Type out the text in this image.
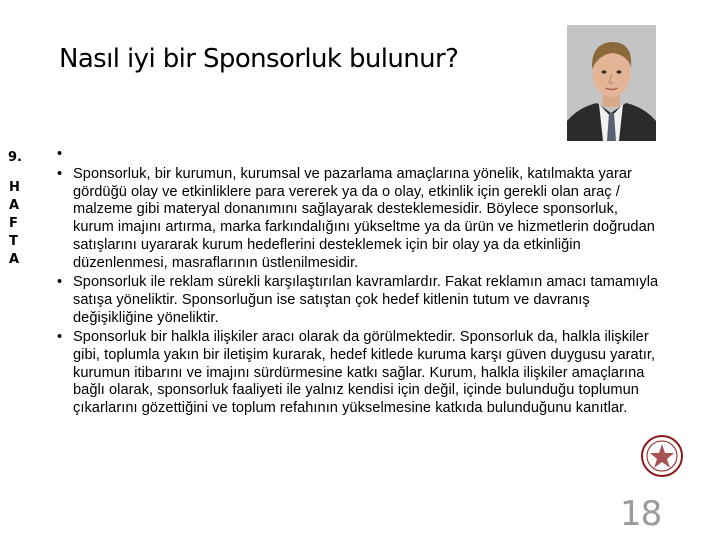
Nasıl iyi bir Sponsorluk bulunur?
9.
H
A
F
T
A
•
• Sponsorluk, bir kurumun, kurumsal ve pazarlama amaçlarına yönelik, katılmakta yarar gördüğü olay ve etkinliklere para vererek ya da o olay, etkinlik için gerekli olan araç / malzeme gibi materyal donanımını sağlayarak desteklemesidir. Böylece sponsorluk, kurum imajını artırma, marka farkındalığını yükseltme ya da ürün ve hizmetlerin doğrudan satışlarını uyararak kurum hedeflerini desteklemek için bir olay ya da etkinliğin düzenlenmesi, masraflarının üstlenilmesidir.
• Sponsorluk ile reklam sürekli karşılaştırılan kavramlardır. Fakat reklamın amacı tamamıyla satışa yöneliktir. Sponsorluğun ise satıştan çok hedef kitlenin tutum ve davranış değişikliğine yöneliktir.
• Sponsorluk bir halkla ilişkiler aracı olarak da görülmektedir. Sponsorluk da, halkla ilişkiler gibi, toplumla yakın bir iletişim kurarak, hedef kitlede kuruma karşı güven duygusu yaratır, kurumun itibarını ve imajını sürdürmesine katkı sağlar. Kurum, halkla ilişkiler amaçlarına bağlı olarak, sponsorluk faaliyeti ile yalnız kendisi için değil, içinde bulunduğu toplumun çıkarlarını gözettiğini ve toplum refahının yükselmesine katkıda bulunduğunu kanıtlar.
18
